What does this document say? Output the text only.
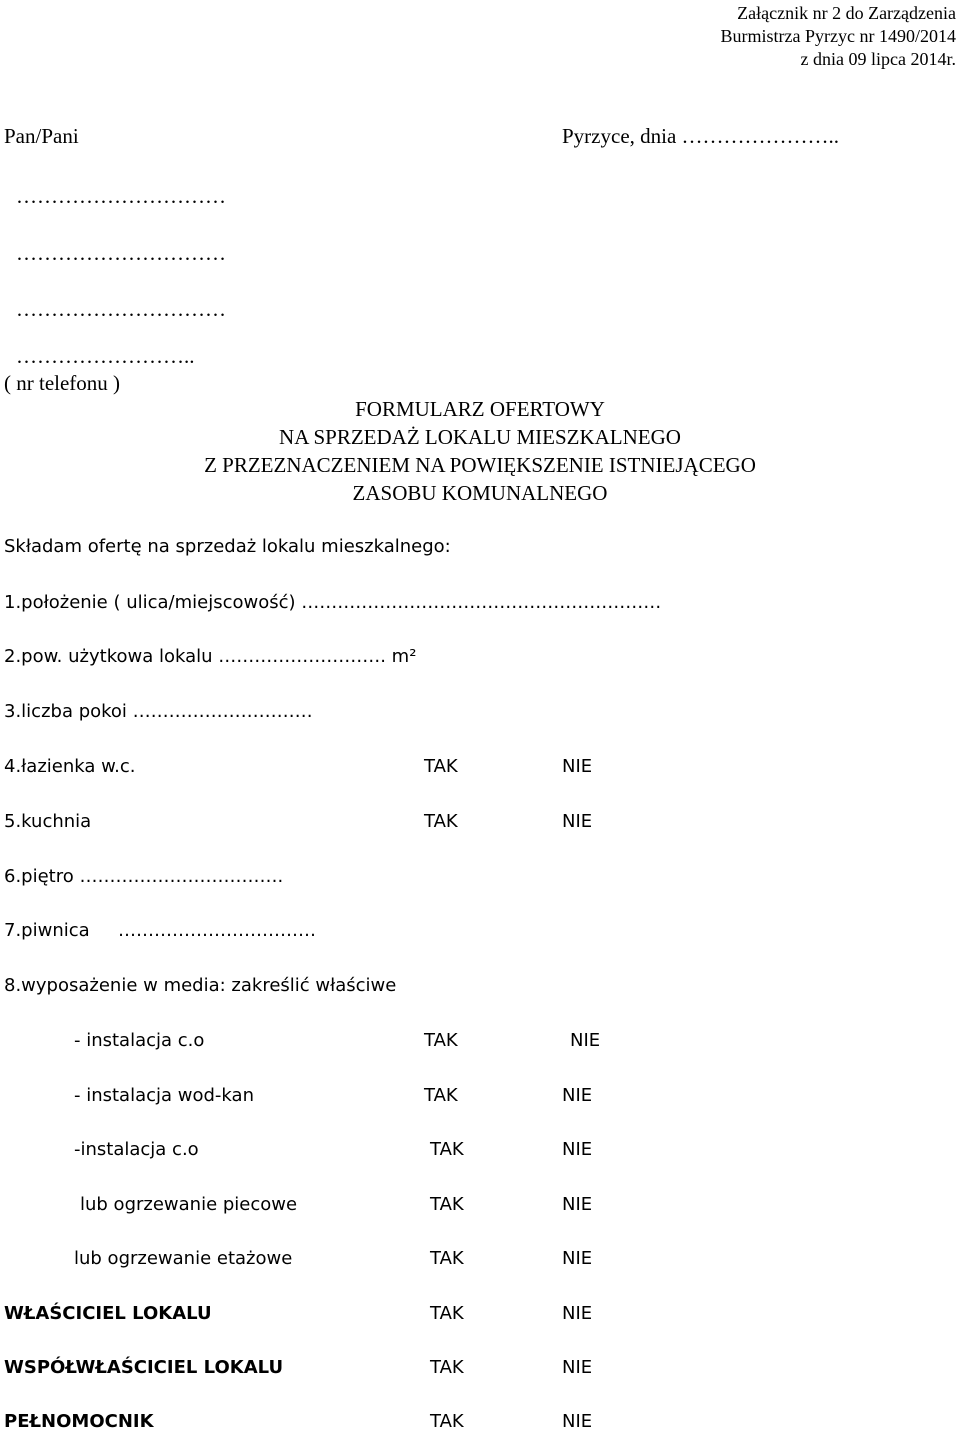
Załącznik nr 2 do Zarządzenia
Burmistrza Pyrzyc nr 1490/2014
z dnia 09 lipca 2014r.
Pan/Pani	Pyrzyce, dnia …………………..
…………………………
…………………………
…………………………
……………………..
( nr telefonu )
FORMULARZ OFERTOWY
NA SPRZEDAŻ LOKALU MIESZKALNEGO
Z PRZEZNACZENIEM NA POWIĘKSZENIE ISTNIEJĄCEGO
ZASOBU KOMUNALNEGO
Składam ofertę na sprzedaż lokalu mieszkalnego:
1.położenie ( ulica/miejscowość) ……………………………………………………
2.pow. użytkowa lokalu ………………………. m²
3.liczba pokoi …………………………
4.łazienka w.c.	TAK	NIE
5.kuchnia	TAK	NIE
6.piętro …………………………….
7.piwnica ……………………………
8.wyposażenie w media: zakreślić właściwe
- instalacja c.o	TAK	NIE
- instalacja wod-kan	TAK	NIE
-instalacja c.o	TAK	NIE
lub ogrzewanie piecowe	TAK	NIE
lub ogrzewanie etażowe	TAK	NIE
WŁAŚCICIEL LOKALU	TAK	NIE
WSPÓŁWŁAŚCICIEL LOKALU	TAK	NIE
PEŁNOMOCNIK	TAK	NIE
